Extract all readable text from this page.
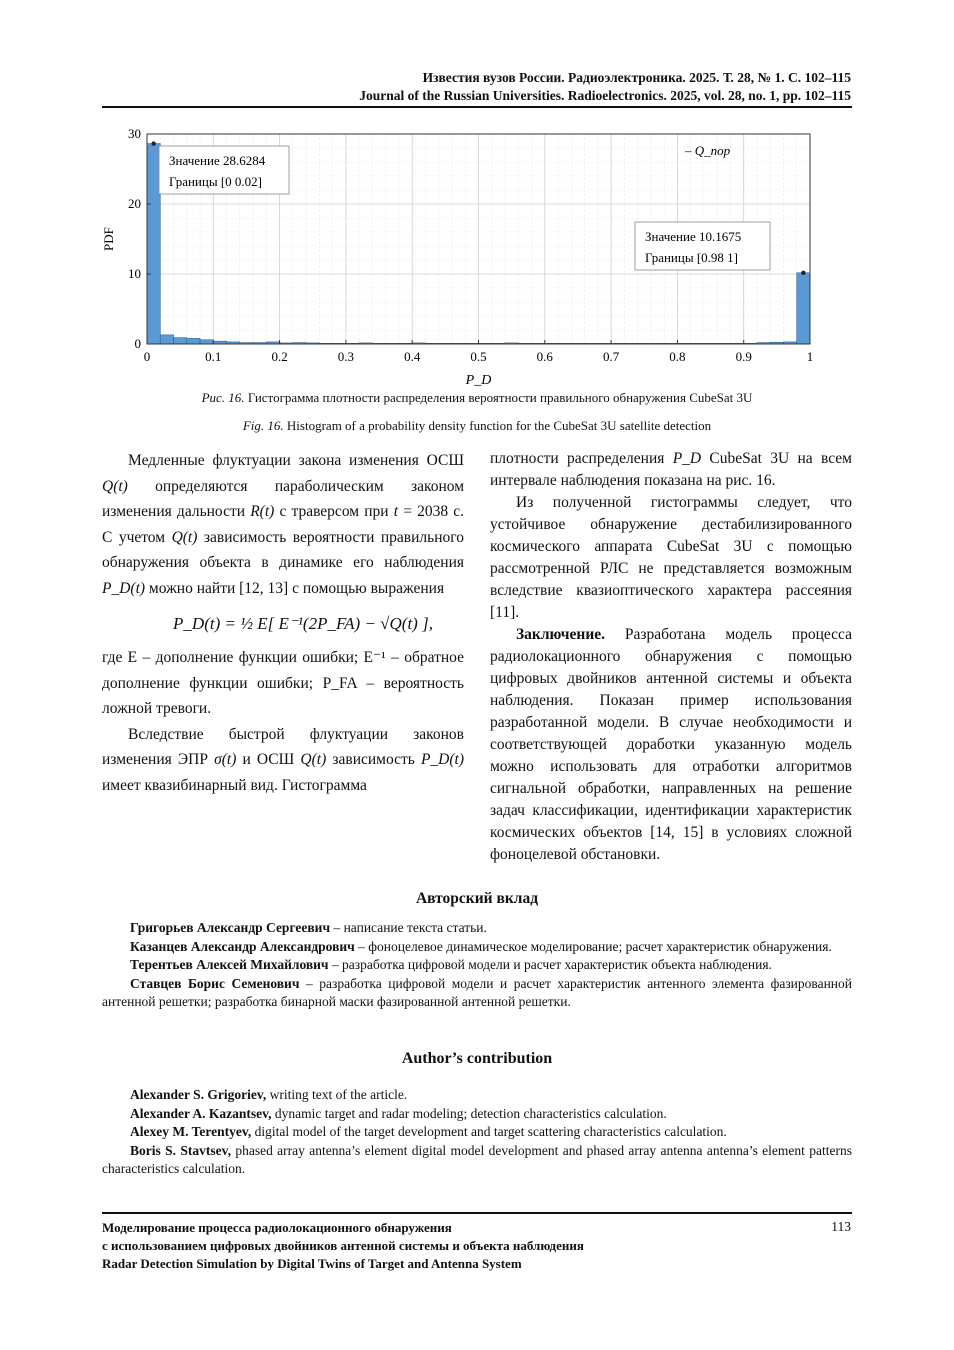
Известия вузов России. Радиоэлектроника. 2025. Т. 28, № 1. С. 102–115
Journal of the Russian Universities. Radioelectronics. 2025, vol. 28, no. 1, pp. 102–115
0	0.1	0.2	0.3	0.4	0.5	0.6	0.7	0.8	0.9	1
0
10
20
30
P_D
PDF
– Q_пор
Значение 28.6284
Границы [0 0.02]
Значение 10.1675
Границы [0.98 1]
Рис. 16. Гистограмма плотности распределения вероятности правильного обнаружения CubeSat 3U
Fig. 16. Histogram of a probability density function for the CubeSat 3U satellite detection

Медленные флуктуации закона изменения ОСШ Q(t) определяются параболическим законом изменения дальности R(t) с траверсом при t = 2038 с. С учетом Q(t) зависимость вероятности правильного обнаружения объекта в динамике его наблюдения P_D(t) можно найти [12, 13] с помощью выражения

P_D(t) = ½ E[ E⁻¹(2P_FA) − √Q(t) ],

где E – дополнение функции ошибки; E⁻¹ – обратное дополнение функции ошибки; P_FA – вероятность ложной тревоги.

Вследствие быстрой флуктуации законов изменения ЭПР σ(t) и ОСШ Q(t) зависимость P_D(t) имеет квазибинарный вид. Гистограмма

плотности распределения P_D CubeSat 3U на всем интервале наблюдения показана на рис. 16.

Из полученной гистограммы следует, что устойчивое обнаружение дестабилизированного космического аппарата CubeSat 3U с помощью рассмотренной РЛС не представляется возможным вследствие квазиоптического характера рассеяния [11].

Заключение. Разработана модель процесса радиолокационного обнаружения с помощью цифровых двойников антенной системы и объекта наблюдения. Показан пример использования разработанной модели. В случае необходимости и соответствующей доработки указанную модель можно использовать для отработки алгоритмов сигнальной обработки, направленных на решение задач классификации, идентификации характеристик космических объектов [14, 15] в условиях сложной фоноцелевой обстановки.

Авторский вклад

Григорьев Александр Сергеевич – написание текста статьи.

Казанцев Александр Александрович – фоноцелевое динамическое моделирование; расчет характеристик обнаружения.

Терентьев Алексей Михайлович – разработка цифровой модели и расчет характеристик объекта наблюдения.

Ставцев Борис Семенович – разработка цифровой модели и расчет характеристик антенного элемента фазированной антенной решетки; разработка бинарной маски фазированной антенной решетки.

Author’s contribution

Alexander S. Grigoriev, writing text of the article.

Alexander A. Kazantsev, dynamic target and radar modeling; detection characteristics calculation.

Alexey M. Terentyev, digital model of the target development and target scattering characteristics calculation.

Boris S. Stavtsev, phased array antenna’s element digital model development and phased array antenna antenna’s element patterns characteristics calculation.

Моделирование процесса радиолокационного обнаружения
с использованием цифровых двойников антенной системы и объекта наблюдения
Radar Detection Simulation by Digital Twins of Target and Antenna System
113
